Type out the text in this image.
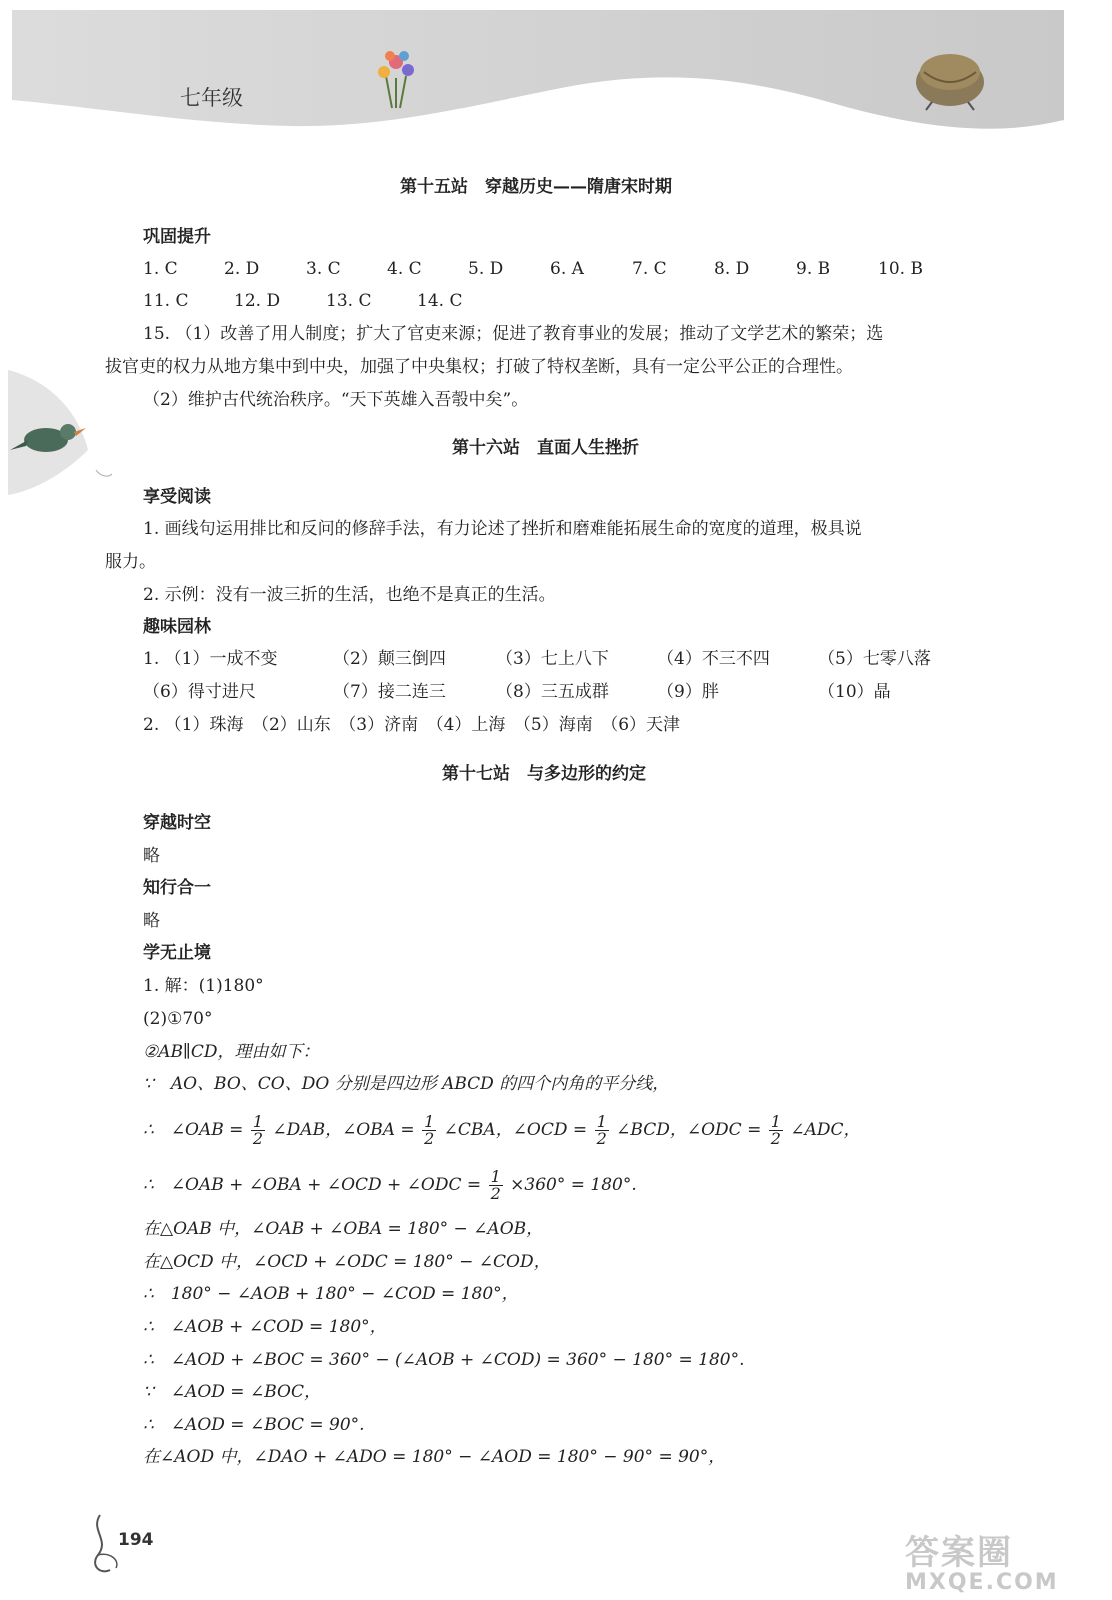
七年级
第十五站　穿越历史——隋唐宋时期
巩固提升
1. C	2. D	3. C	4. C	5. D	6. A	7. C	8. D	9. B	10. B
11. C	12. D	13. C	14. C
15. （1）改善了用人制度；扩大了官吏来源；促进了教育事业的发展；推动了文学艺术的繁荣；选
拔官吏的权力从地方集中到中央，加强了中央集权；打破了特权垄断，具有一定公平公正的合理性。
（2）维护古代统治秩序。“天下英雄入吾彀中矣”。
第十六站　直面人生挫折
享受阅读
1. 画线句运用排比和反问的修辞手法，有力论述了挫折和磨难能拓展生命的宽度的道理，极具说
服力。
2. 示例：没有一波三折的生活，也绝不是真正的生活。
趣味园林
1. （1）一成不变	（2）颠三倒四	（3）七上八下	（4）不三不四	（5）七零八落
（6）得寸进尺	（7）接二连三	（8）三五成群	（9）胖	（10）晶
2. （1）珠海　（2）山东　（3）济南　（4）上海　（5）海南　（6）天津
第十七站　与多边形的约定
穿越时空
略
知行合一
略
学无止境
1. 解：(1)180°
(2)①70°
②AB∥CD，理由如下：
∵　AO、BO、CO、DO 分别是四边形 ABCD 的四个内角的平分线，
∴　∠OAB = $\frac{1}{2}$ ∠DAB，∠OBA = $\frac{1}{2}$ ∠CBA，∠OCD = $\frac{1}{2}$ ∠BCD，∠ODC = $\frac{1}{2}$ ∠ADC，
∴　∠OAB + ∠OBA + ∠OCD + ∠ODC = $\frac{1}{2} \times 360^\circ = 180^\circ$.
在△OAB 中，∠OAB + ∠OBA = 180° − ∠AOB，
在△OCD 中，∠OCD + ∠ODC = 180° − ∠COD，
∴　180° − ∠AOB + 180° − ∠COD = 180°，
∴　∠AOB + ∠COD = 180°，
∴　∠AOD + ∠BOC = 360° − (∠AOB + ∠COD) = 360° − 180° = 180°.
∵　∠AOD = ∠BOC，
∴　∠AOD = ∠BOC = 90°.
在∠AOD 中，∠DAO + ∠ADO = 180° − ∠AOD = 180° − 90° = 90°，
194	答案圈
MXQE.COM
